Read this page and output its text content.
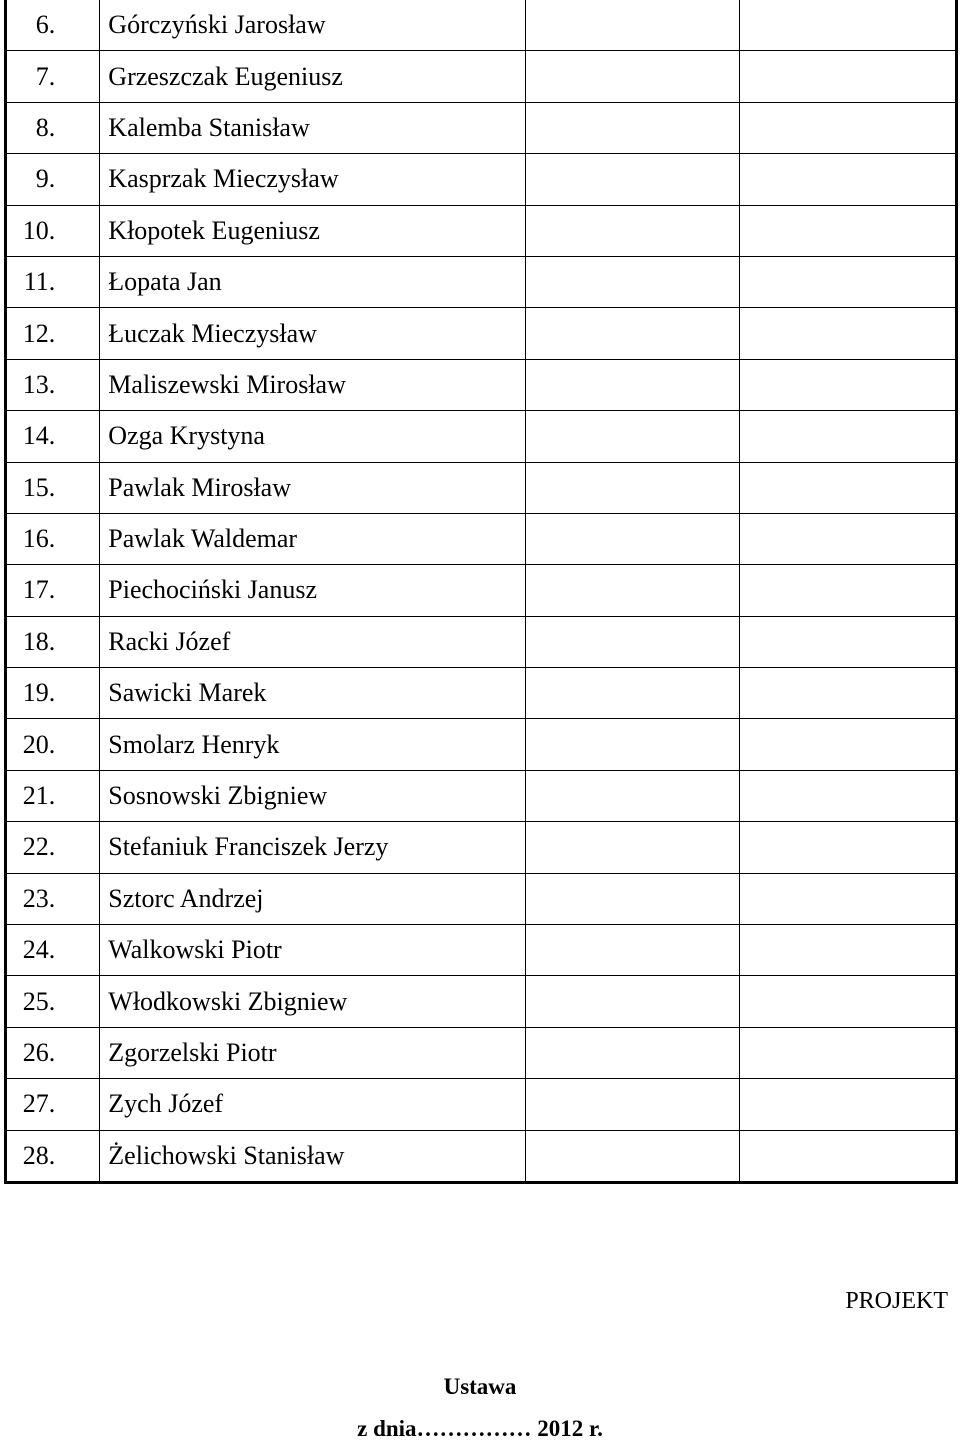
6.	Górczyński Jarosław		
7.	Grzeszczak Eugeniusz		
8.	Kalemba Stanisław		
9.	Kasprzak Mieczysław		
10.	Kłopotek Eugeniusz		
11.	Łopata Jan		
12.	Łuczak Mieczysław		
13.	Maliszewski Mirosław		
14.	Ozga Krystyna		
15.	Pawlak Mirosław		
16.	Pawlak Waldemar		
17.	Piechociński Janusz		
18.	Racki Józef		
19.	Sawicki Marek		
20.	Smolarz Henryk		
21.	Sosnowski Zbigniew		
22.	Stefaniuk Franciszek Jerzy		
23.	Sztorc Andrzej		
24.	Walkowski Piotr		
25.	Włodkowski Zbigniew		
26.	Zgorzelski Piotr		
27.	Zych Józef		
28.	Żelichowski Stanisław		
PROJEKT
Ustawa
z dnia…………… 2012 r.
